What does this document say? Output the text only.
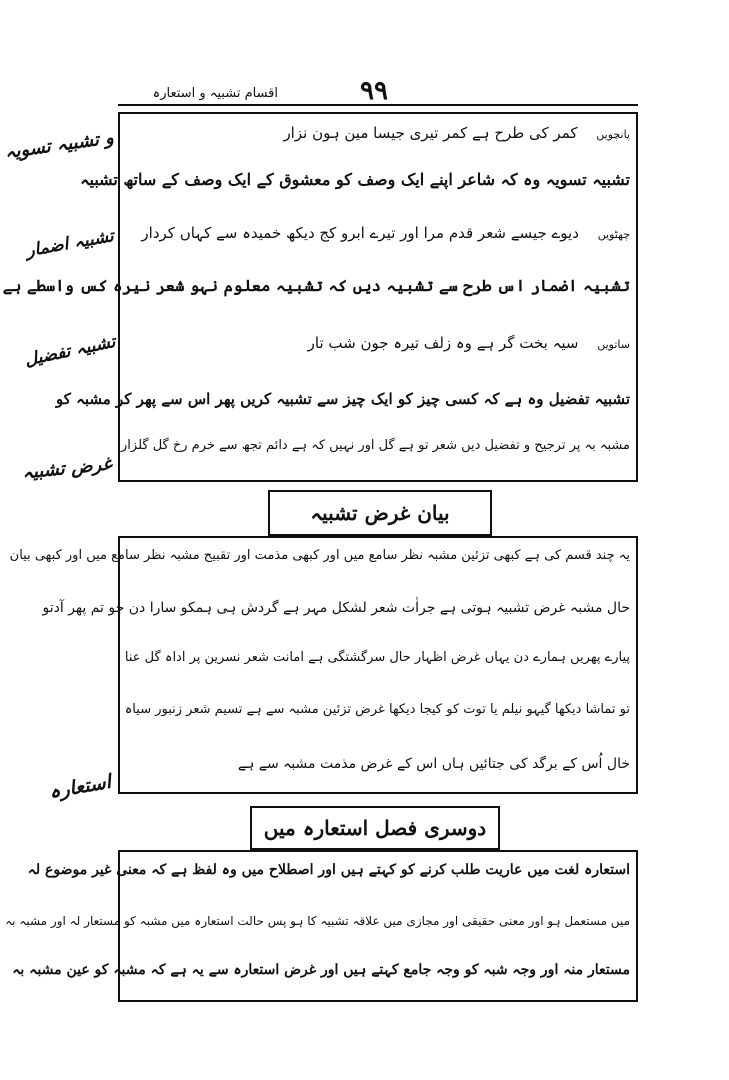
اقسام تشبیہ و استعارہ	۹۹
و تشبیہ تسویہ
تشبیہ اضمار
تشبیہ تفضیل
غرض تشبیہ
استعارہ
پانچویں کمر کی طرح ہے کمر تیری جیسا مین ہون نزار
تشبیہ تسویہ وہ کہ شاعر اپنے ایک وصف کو معشوق کے ایک وصف کے ساتھ تشبیہ
چھٹویں دیوے جیسے شعر قدم مرا اور تیرے ابرو کج دیکھ خمیدہ سے کہاں کردار
تشبیہ اضمار اس طرح سے تشبیہ دیں کہ تشبیہ معلوم نہو شعر نیرہ کس واسطے ہے
ساتویں سیہ بخت گر ہے وہ زلف تیرہ جون شب تار
تشبیہ تفضیل وہ ہے کہ کسی چیز کو ایک چیز سے تشبیہ کریں پھر اس سے پھر کر مشبہ کو
مشبہ بہ پر ترجیح و تفضیل دیں شعر تو ہے گل اور نہیں کہ ہے دائم تجھ سے خرم رخ گل گلزار
بیان غرض تشبیہ
یہ چند قسم کی ہے کبھی تزئین مشبہ نظر سامع میں اور کبھی مذمت اور تقبیح مشبہ نظر سامع میں اور کبھی بیان
حال مشبہ غرض تشبیہ ہوتی ہے جراٰت شعر لشکل مہر ہے گردش ہی ہمکو سارا دن جو تم پھر آدتو
پیارے پھریں ہمارے دن یہاں غرض اظہار حال سرگشتگی ہے امانت شعر نسرین پر اداہ گل عنا
تو تماشا دیکھا گیہو نیلم یا توت کو کیجا دیکھا غرض تزئین مشبہ سے ہے تسیم شعر زنبور سیاہ
خال اُس کے برگد کی جتائیں ہاں اس کے غرض مذمت مشبہ سے ہے
دوسری فصل استعارہ میں
استعارہ لغت میں عاریت طلب کرنے کو کہتے ہیں اور اصطلاح میں وہ لفظ ہے کہ معنی غیر موضوع لہ
میں مستعمل ہو اور معنی حقیقی اور مجازی میں علاقہ تشبیہ کا ہو پس حالت استعارہ میں مشبہ کو مستعار لہ اور مشبہ بہ
مستعار منہ اور وجہ شبہ کو وجہ جامع کہتے ہیں اور غرض استعارہ سے یہ ہے کہ مشبہ کو عین مشبہ بہ
